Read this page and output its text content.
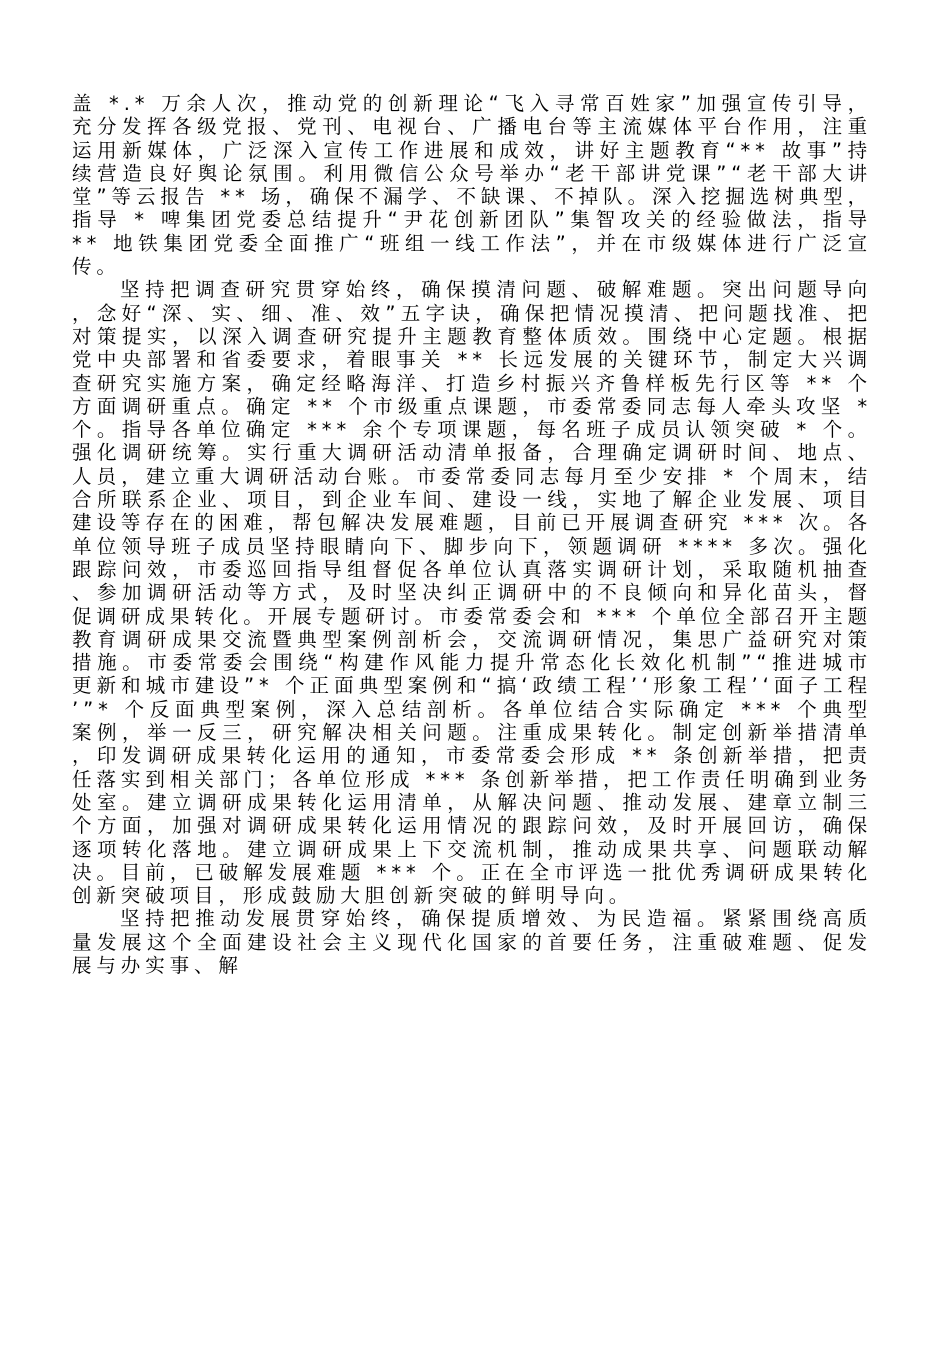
盖 *.* 万余人次，推动党的创新理论“飞入寻常百姓家”加强宣传引导，充分发挥各级党报、党刊、电视台、广播电台等主流媒体平台作用，注重运用新媒体，广泛深入宣传工作进展和成效，讲好主题教育“** 故事”持续营造良好舆论氛围。利用微信公众号举办“老干部讲党课”“老干部大讲堂”等云报告 ** 场，确保不漏学、不缺课、不掉队。深入挖掘选树典型，指导 * 啤集团党委总结提升“尹花创新团队”集智攻关的经验做法，指导 ** 地铁集团党委全面推广“班组一线工作法”，并在市级媒体进行广泛宣传。

坚持把调查研究贯穿始终，确保摸清问题、破解难题。突出问题导向，念好“深、实、细、准、效”五字诀，确保把情况摸清、把问题找准、把对策提实，以深入调查研究提升主题教育整体质效。围绕中心定题。根据党中央部署和省委要求，着眼事关 ** 长远发展的关键环节，制定大兴调查研究实施方案，确定经略海洋、打造乡村振兴齐鲁样板先行区等 ** 个方面调研重点。确定 ** 个市级重点课题，市委常委同志每人牵头攻坚 * 个。指导各单位确定 *** 余个专项课题，每名班子成员认领突破 * 个。强化调研统筹。实行重大调研活动清单报备，合理确定调研时间、地点、人员，建立重大调研活动台账。市委常委同志每月至少安排 * 个周末，结合所联系企业、项目，到企业车间、建设一线，实地了解企业发展、项目建设等存在的困难，帮包解决发展难题，目前已开展调查研究 *** 次。各单位领导班子成员坚持眼睛向下、脚步向下，领题调研 **** 多次。强化跟踪问效，市委巡回指导组督促各单位认真落实调研计划，采取随机抽查、参加调研活动等方式，及时坚决纠正调研中的不良倾向和异化苗头，督促调研成果转化。开展专题研讨。市委常委会和 *** 个单位全部召开主题教育调研成果交流暨典型案例剖析会，交流调研情况，集思广益研究对策措施。市委常委会围绕“构建作风能力提升常态化长效化机制”“推进城市更新和城市建设”* 个正面典型案例和“搞‘政绩工程’‘形象工程’‘面子工程’”* 个反面典型案例，深入总结剖析。各单位结合实际确定 *** 个典型案例，举一反三，研究解决相关问题。注重成果转化。制定创新举措清单，印发调研成果转化运用的通知，市委常委会形成 ** 条创新举措，把责任落实到相关部门；各单位形成 *** 条创新举措，把工作责任明确到业务处室。建立调研成果转化运用清单，从解决问题、推动发展、建章立制三个方面，加强对调研成果转化运用情况的跟踪问效，及时开展回访，确保逐项转化落地。建立调研成果上下交流机制，推动成果共享、问题联动解决。目前，已破解发展难题 *** 个。正在全市评选一批优秀调研成果转化创新突破项目，形成鼓励大胆创新突破的鲜明导向。

坚持把推动发展贯穿始终，确保提质增效、为民造福。紧紧围绕高质量发展这个全面建设社会主义现代化国家的首要任务，注重破难题、促发展与办实事、解
